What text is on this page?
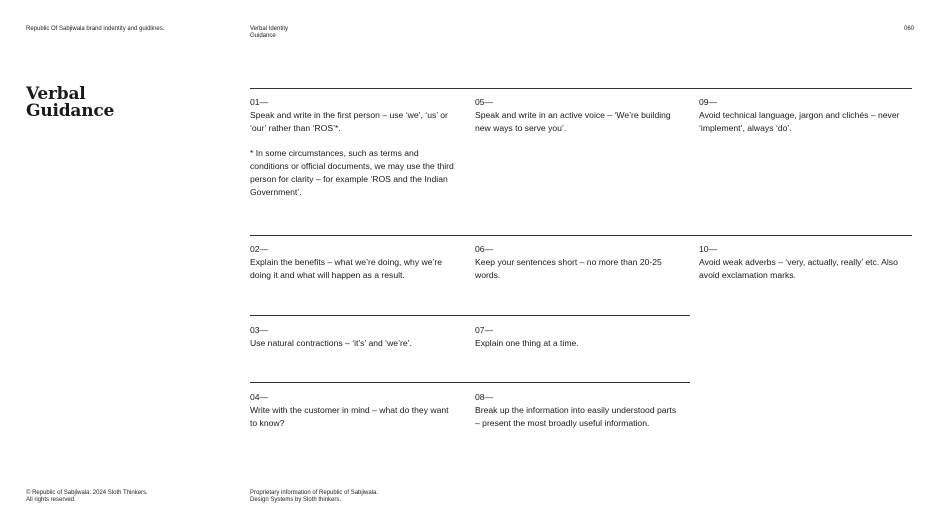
Republic Of Sabjiwala brand indentity and guidlines.	Verbal Identity
Guidance
060
Verbal
Guidance	01—
Speak and write in the first person – use ‘we’, ‘us’ or ‘our’ rather than ‘ROS’*.
* In some circumstances, such as terms and conditions or official documents, we may use the third person for clarity – for example ‘ROS and the Indian Government’.
02—
Explain the benefits – what we’re doing, why we’re doing it and what will happen as a result.
03—
Use natural contractions – ‘it’s’ and ‘we’re’.
04—
Write with the customer in mind – what do they want to know?
05—
Speak and write in an active voice – ‘We’re building new ways to serve you’.
06—
Keep your sentences short – no more than 20-25 words.
07—
Explain one thing at a time.
08—
Break up the information into easily understood parts – present the most broadly useful information.
09—
Avoid technical language, jargon and clichés – never ‘implement’, always ‘do’.
10—
Avoid weak adverbs – ‘very, actually, really’ etc. Also avoid exclamation marks.
© Republic of Sabjiwala. 2024 Sloth Thinkers.
All rights reserved.
Proprietary information of Republic of Sabjiwala.
Design Systems by Sloth thinkers.
